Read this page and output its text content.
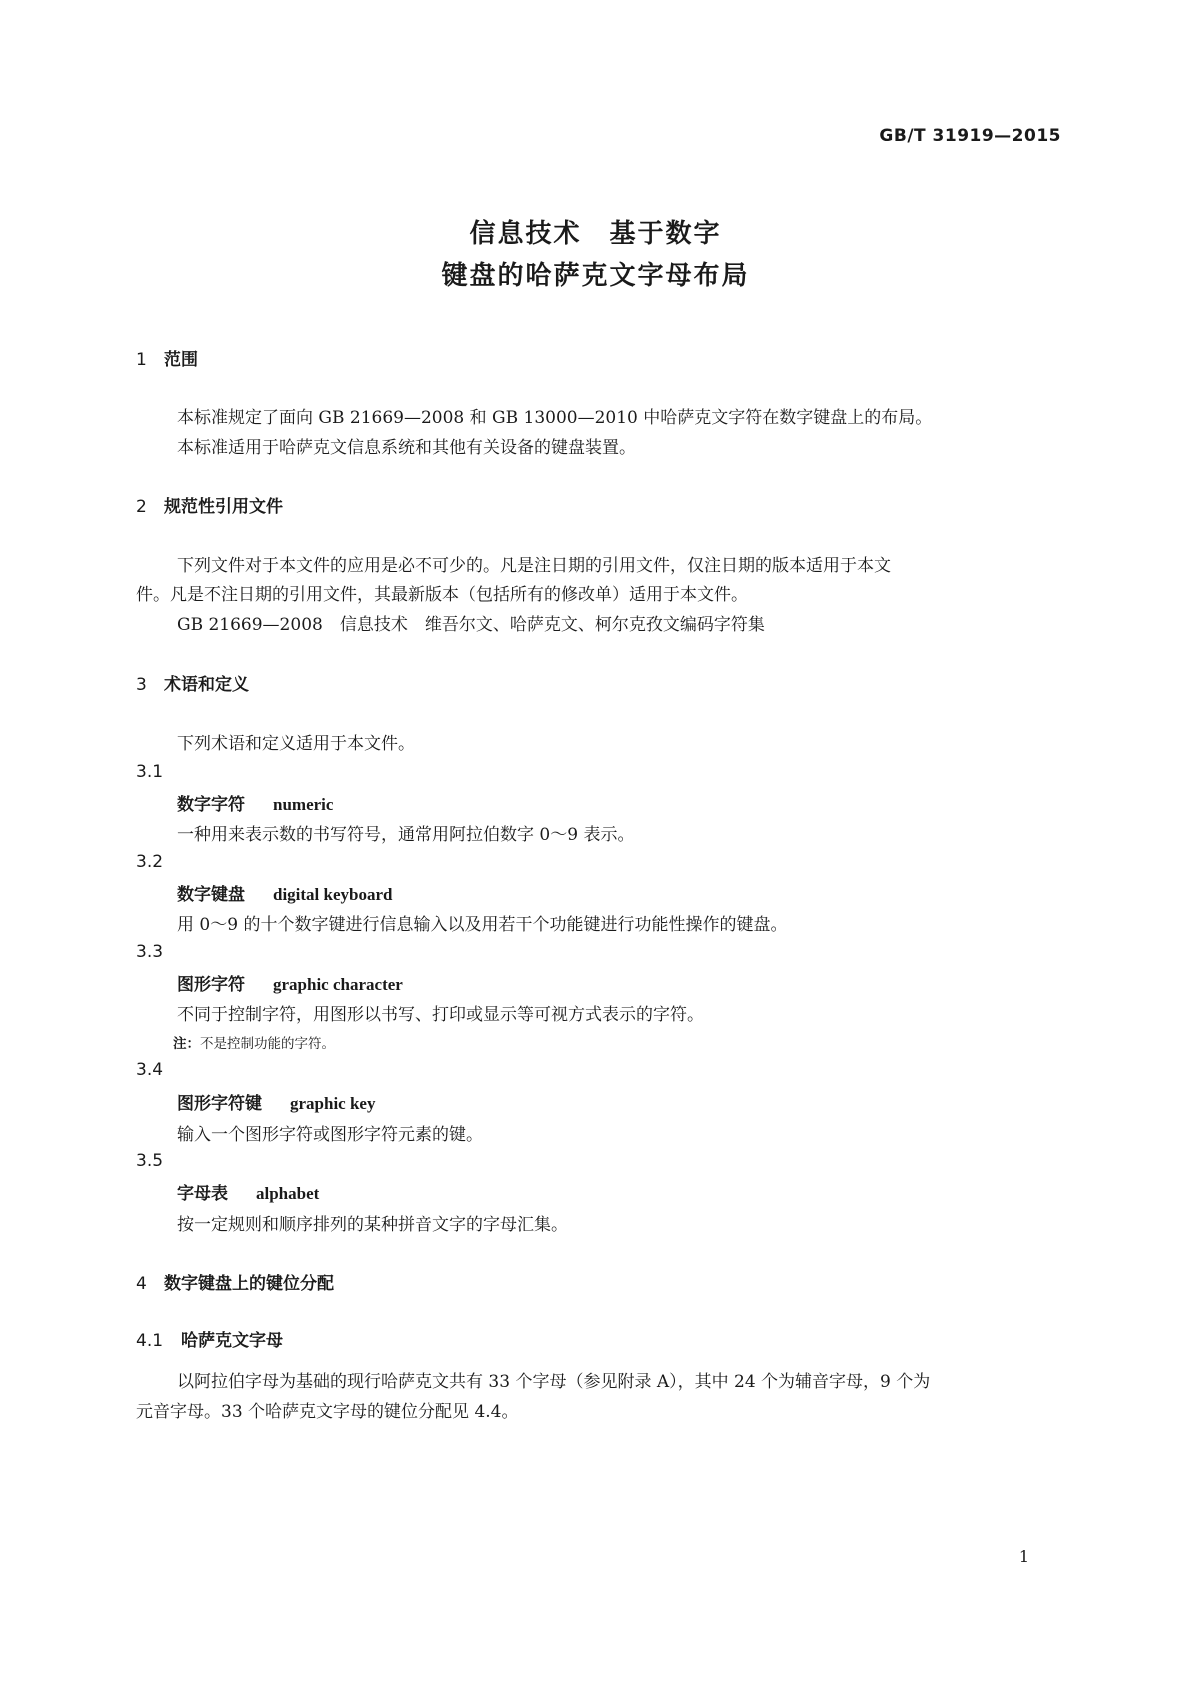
GB/T 31919—2015
信息技术　基于数字
键盘的哈萨克文字母布局
1 范围

本标准规定了面向 GB 21669—2008 和 GB 13000—2010 中哈萨克文字符在数字键盘上的布局。

本标准适用于哈萨克文信息系统和其他有关设备的键盘装置。

2 规范性引用文件

下列文件对于本文件的应用是必不可少的。凡是注日期的引用文件，仅注日期的版本适用于本文

件。凡是不注日期的引用文件，其最新版本（包括所有的修改单）适用于本文件。

GB 21669—2008　信息技术　维吾尔文、哈萨克文、柯尔克孜文编码字符集

3 术语和定义

下列术语和定义适用于本文件。

3.1
数字字符 numeric

一种用来表示数的书写符号，通常用阿拉伯数字 0～9 表示。

3.2
数字键盘 digital keyboard

用 0～9 的十个数字键进行信息输入以及用若干个功能键进行功能性操作的键盘。

3.3
图形字符 graphic character

不同于控制字符，用图形以书写、打印或显示等可视方式表示的字符。

注：不是控制功能的字符。
3.4
图形字符键 graphic key

输入一个图形字符或图形字符元素的键。

3.5
字母表 alphabet

按一定规则和顺序排列的某种拼音文字的字母汇集。

4 数字键盘上的键位分配
4.1 哈萨克文字母

以阿拉伯字母为基础的现行哈萨克文共有 33 个字母（参见附录 A），其中 24 个为辅音字母，9 个为

元音字母。33 个哈萨克文字母的键位分配见 4.4。

1
